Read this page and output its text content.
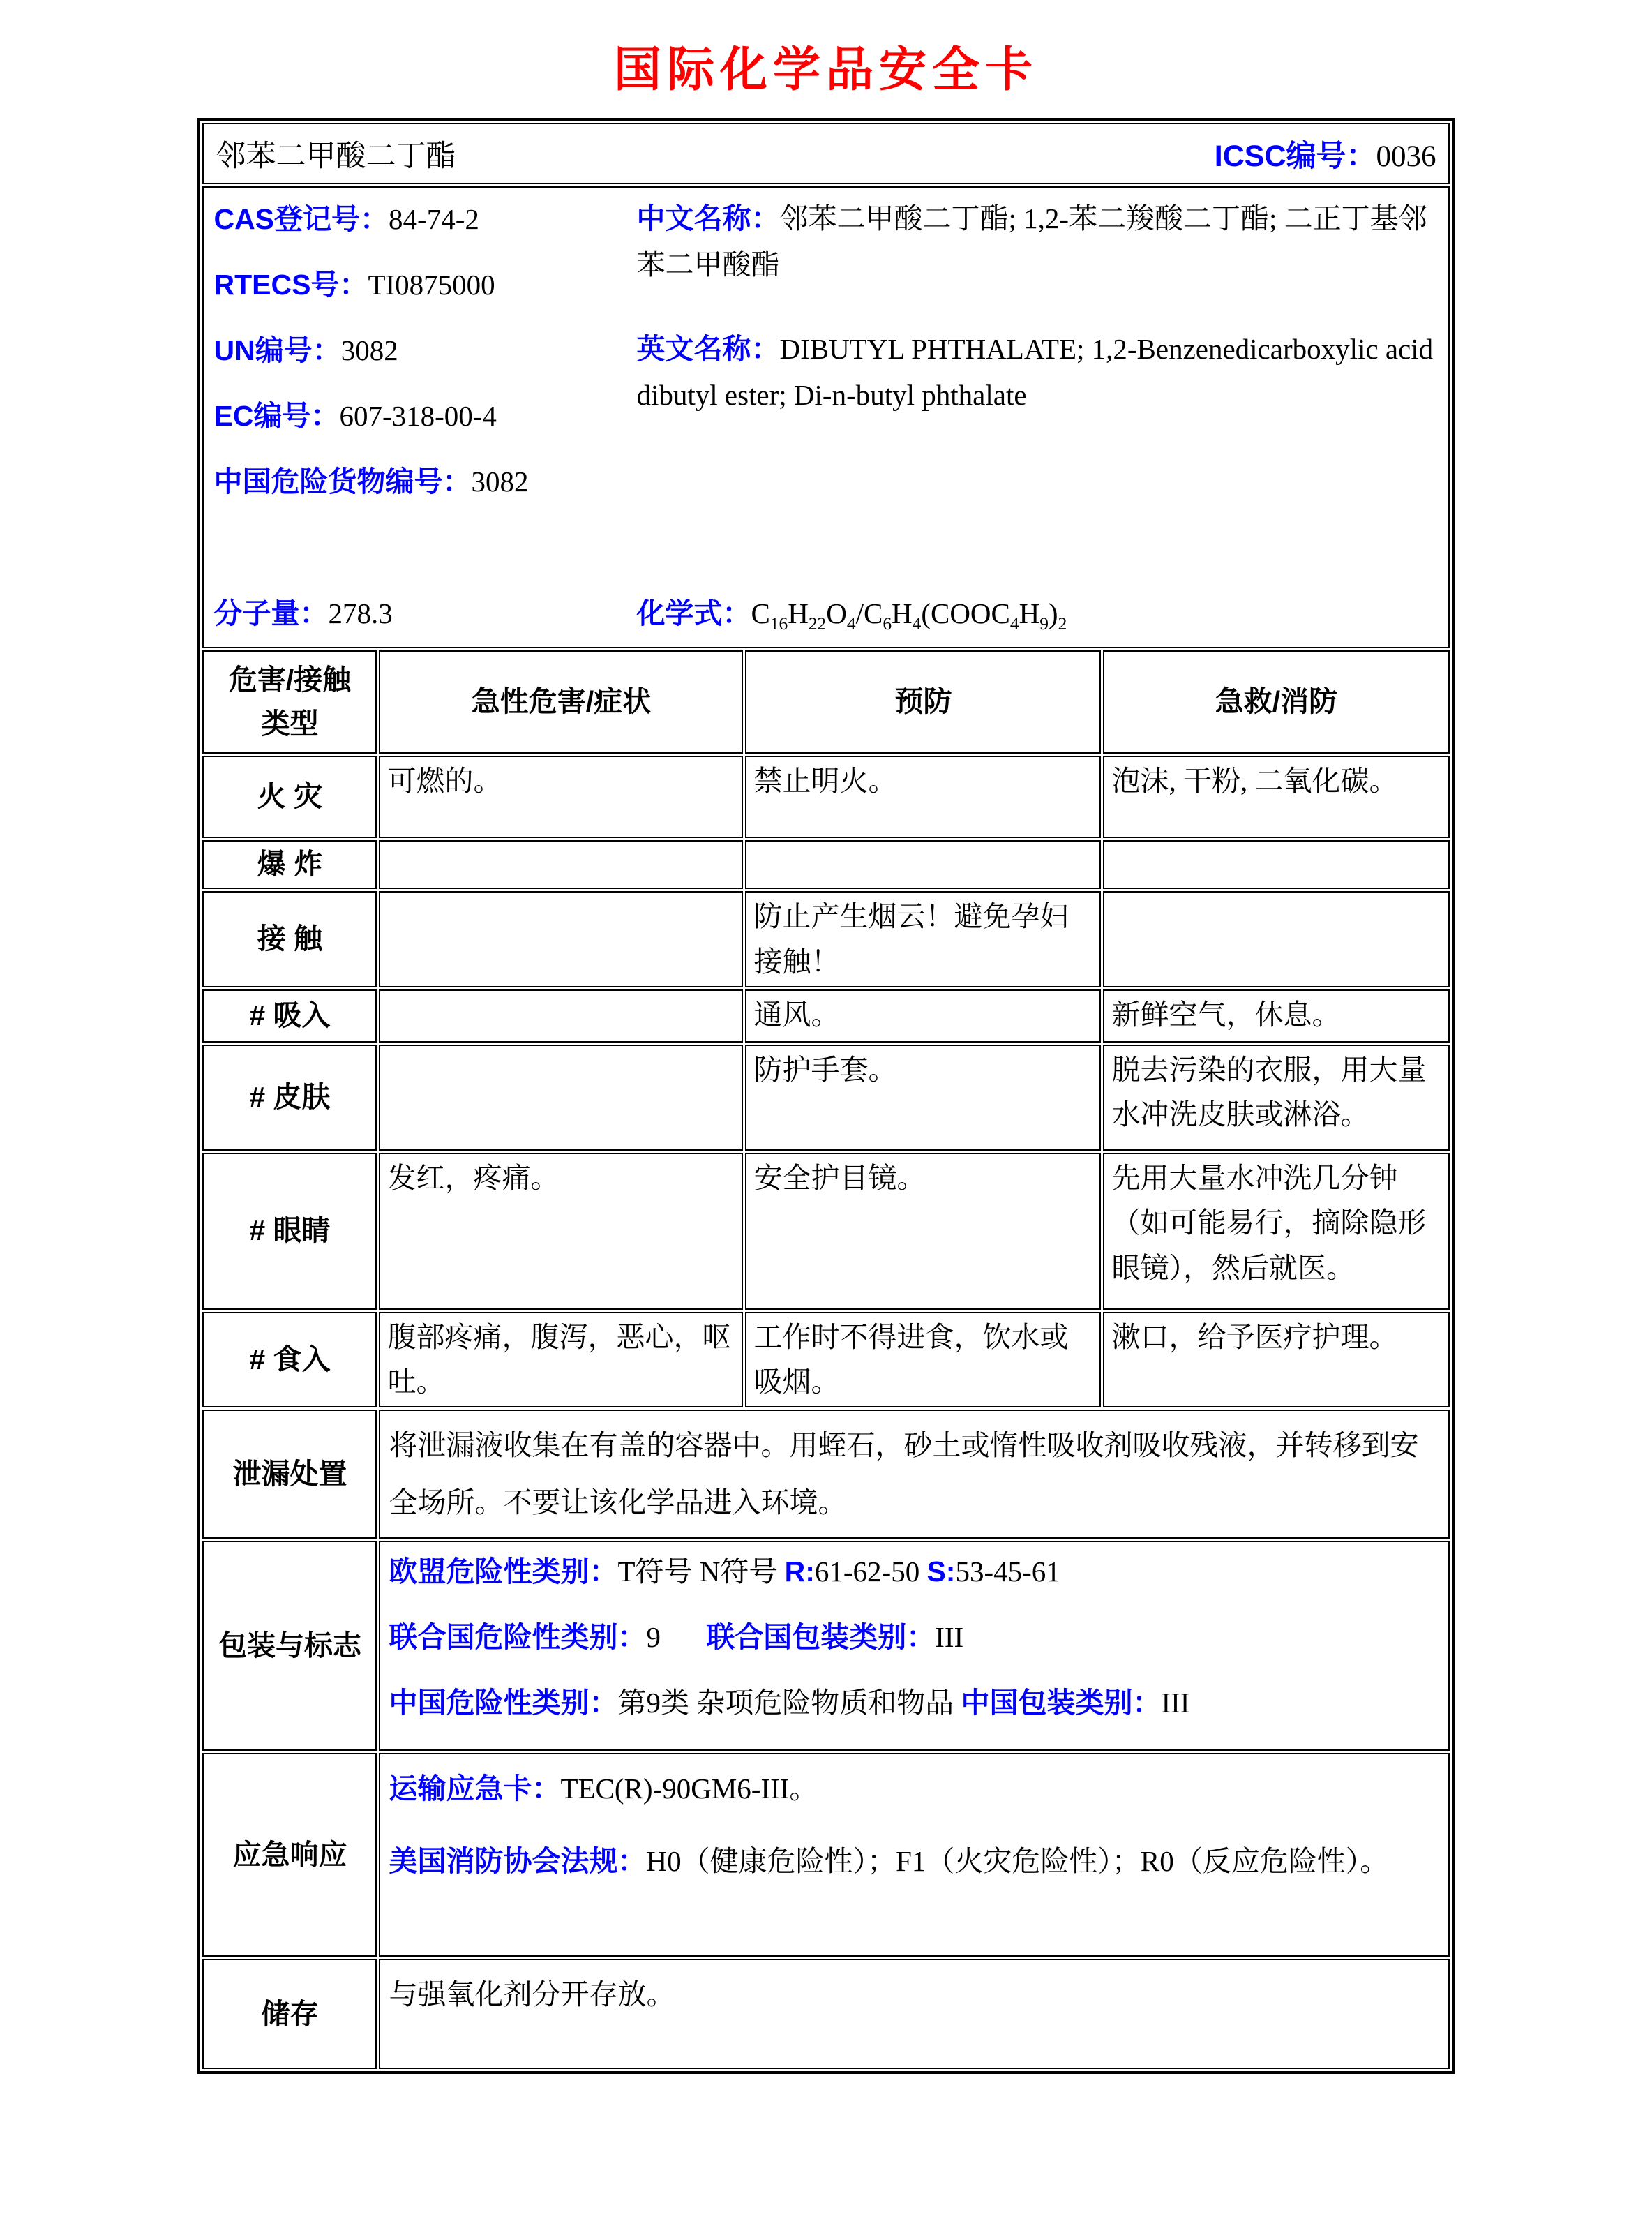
国际化学品安全卡
邻苯二甲酸二丁酯 ICSC编号：0036			

CAS登记号：84-74-2
RTECS号：TI0875000
UN编号：3082
EC编号：607-318-00-4
中国危险货物编号：3082
中文名称：邻苯二甲酸二丁酯; 1,2-苯二羧酸二丁酯; 二正丁基邻苯二甲酸酯
英文名称：DIBUTYL PHTHALATE; 1,2-Benzenedicarboxylic acid dibutyl ester; Di-n-butyl phthalate
分子量：278.3	化学式：$C_{16}H_{22}O_4/C_6H_4(COOC_4H_9)_2$

危害/接触
类型	急性危害/症状	预防	急救/消防
火 灾	可燃的。	禁止明火。	泡沫, 干粉, 二氧化碳。
爆 炸			
接 触		防止产生烟云！避免孕妇接触！	
# 吸入		通风。	新鲜空气，休息。
# 皮肤		防护手套。	脱去污染的衣服，用大量水冲洗皮肤或淋浴。
# 眼睛	发红，疼痛。	安全护目镜。	先用大量水冲洗几分钟（如可能易行，摘除隐形眼镜），然后就医。
# 食入	腹部疼痛，腹泻，恶心，呕吐。	工作时不得进食，饮水或吸烟。	漱口，给予医疗护理。
泄漏处置	将泄漏液收集在有盖的容器中。用蛭石，砂土或惰性吸收剂吸收残液，并转移到安全场所。不要让该化学品进入环境。		
包装与标志	欧盟危险性类别：T符号 N符号 R:61-62-50 S:53-45-61
联合国危险性类别：9 联合国包装类别：III
中国危险性类别：第9类 杂项危险物质和物品 中国包装类别：III		

应急响应	运输应急卡：TEC(R)-90GM6-III。
美国消防协会法规：H0（健康危险性）；F1（火灾危险性）；R0（反应危险性）。		

储存	与强氧化剂分开存放。		
